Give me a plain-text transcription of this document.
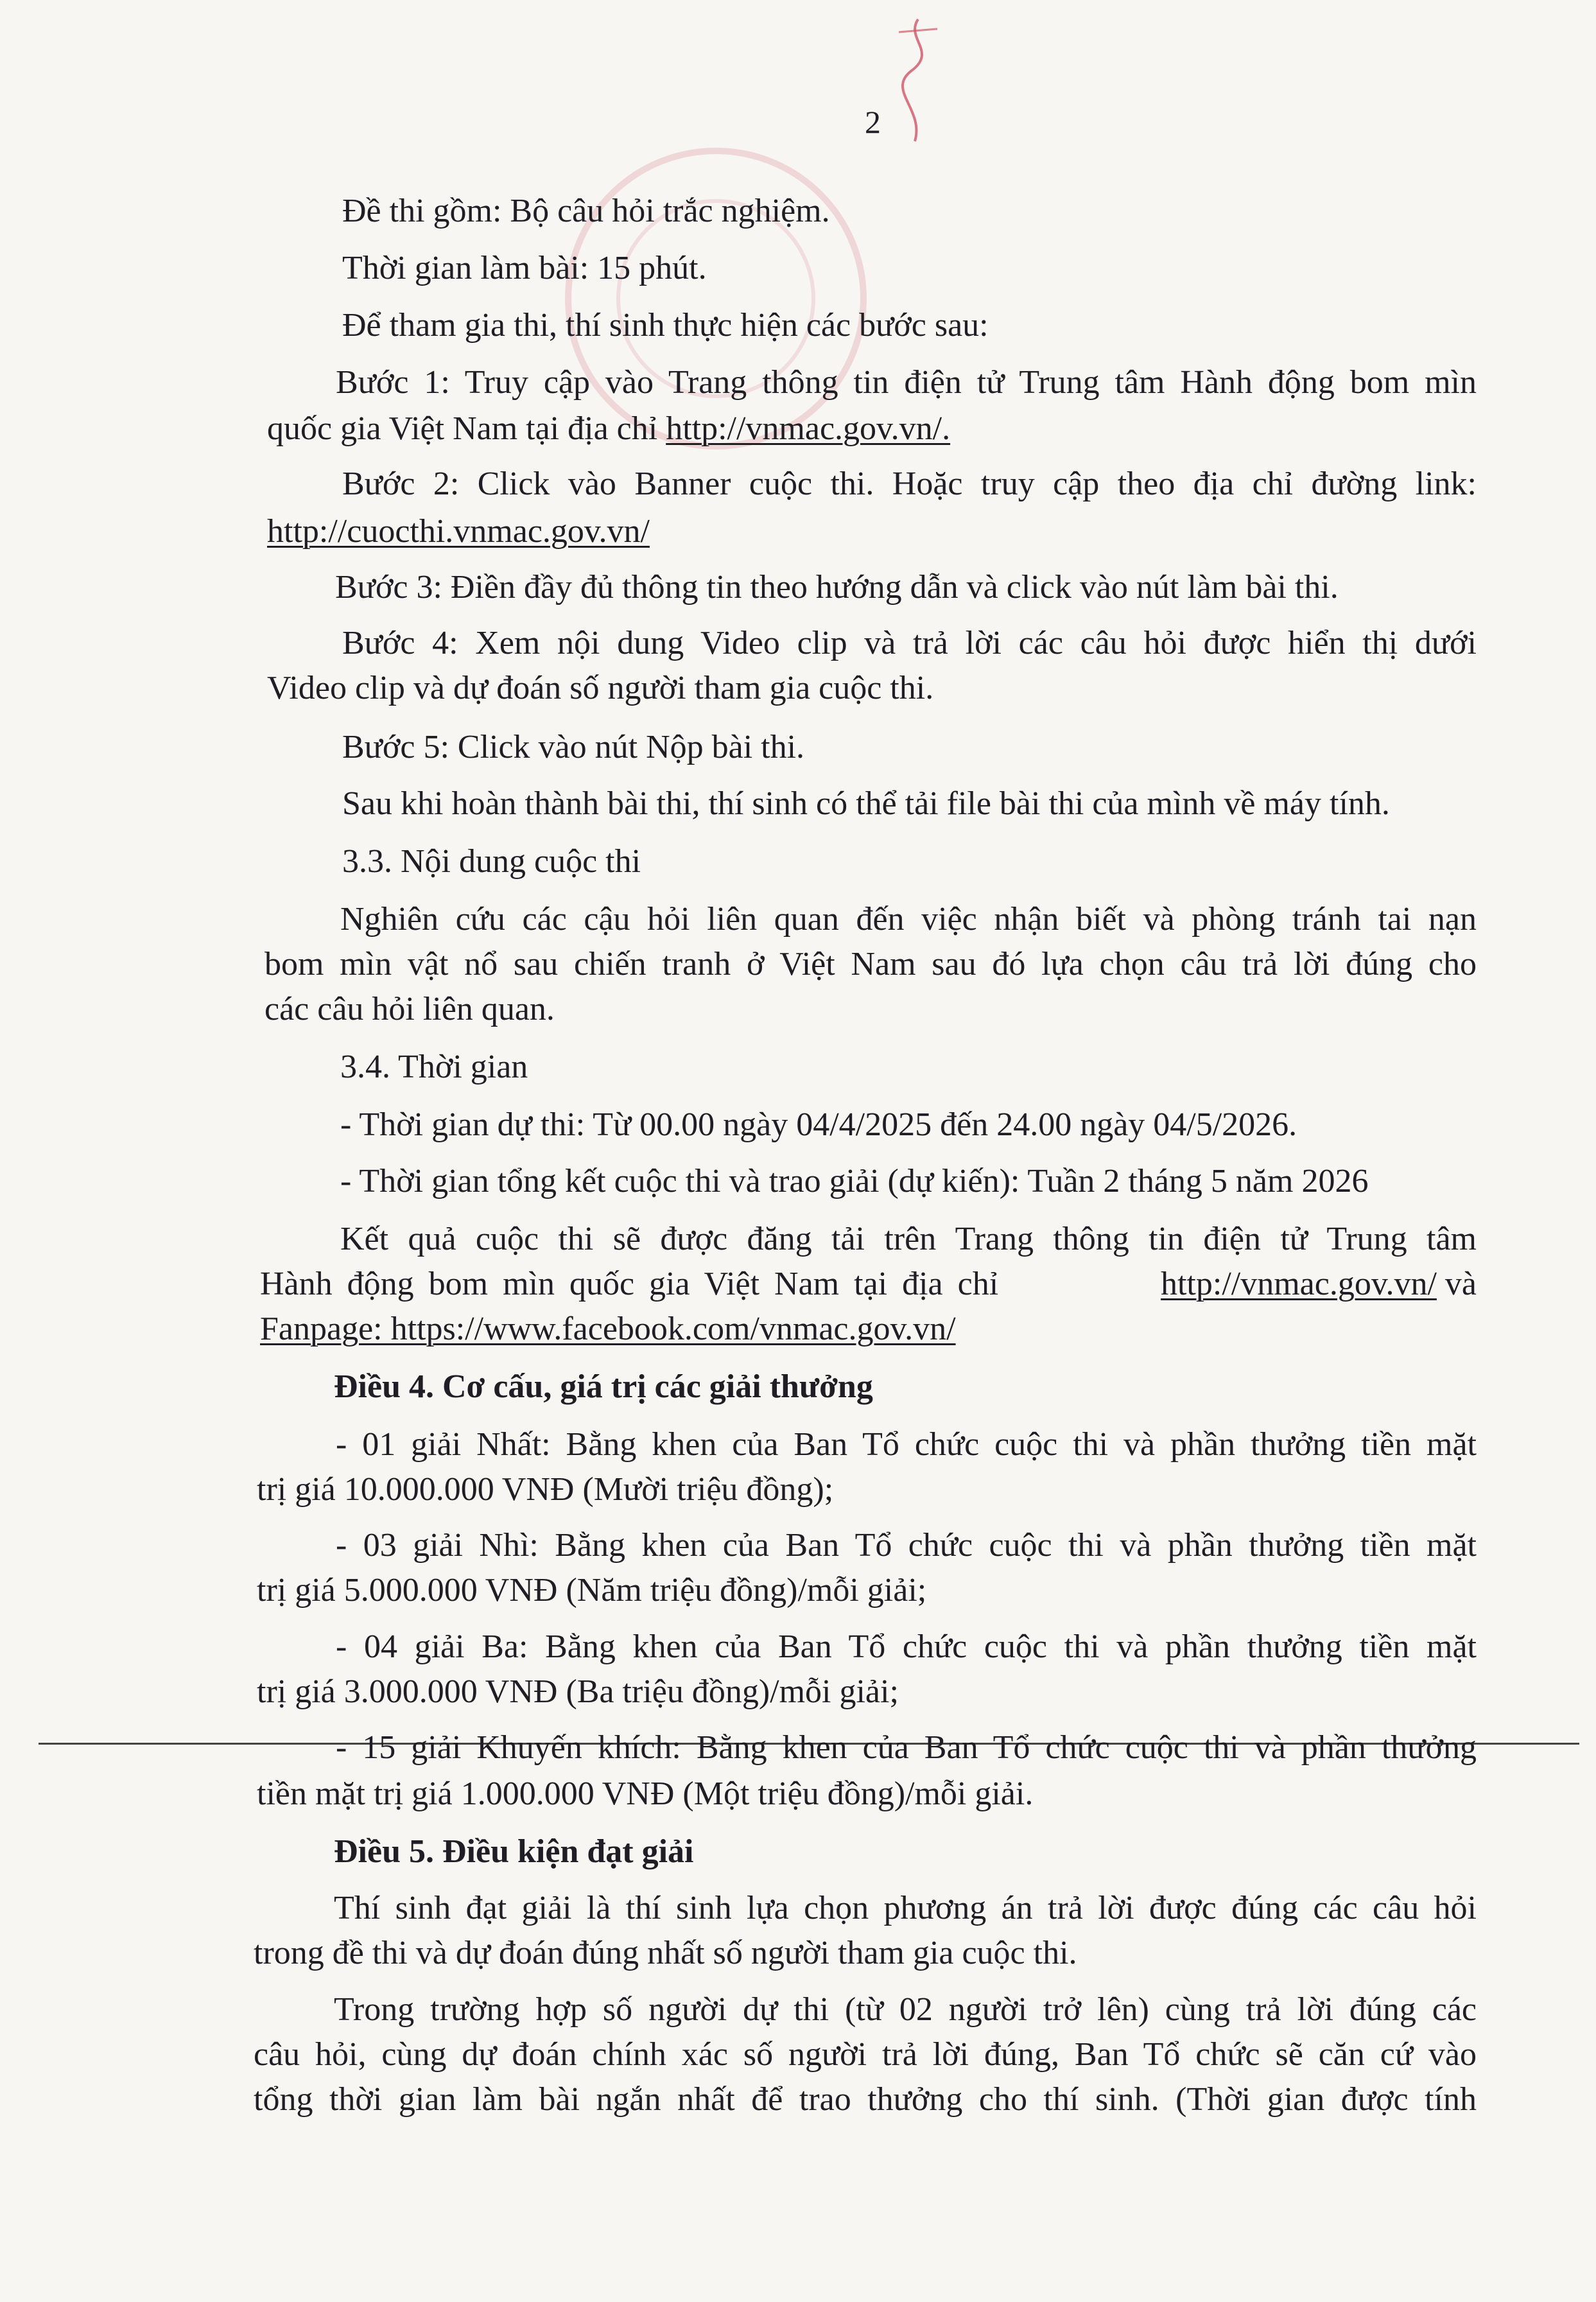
2
Đề thi gồm: Bộ câu hỏi trắc nghiệm.
Thời gian làm bài: 15 phút.
Để tham gia thi, thí sinh thực hiện các bước sau:
Bước 1: Truy cập vào Trang thông tin điện tử Trung tâm Hành động bom mìn
quốc gia Việt Nam tại địa chỉ http://vnmac.gov.vn/.
Bước 2: Click vào Banner cuộc thi. Hoặc truy cập theo địa chỉ đường link:
http://cuocthi.vnmac.gov.vn/
Bước 3: Điền đầy đủ thông tin theo hướng dẫn và click vào nút làm bài thi.
Bước 4: Xem nội dung Video clip và trả lời các câu hỏi được hiển thị dưới
Video clip và dự đoán số người tham gia cuộc thi.
Bước 5: Click vào nút Nộp bài thi.
Sau khi hoàn thành bài thi, thí sinh có thể tải file bài thi của mình về máy tính.
3.3. Nội dung cuộc thi
Nghiên cứu các cậu hỏi liên quan đến việc nhận biết và phòng tránh tai nạn
bom mìn vật nổ sau chiến tranh ở Việt Nam sau đó lựa chọn câu trả lời đúng cho
các câu hỏi liên quan.
3.4. Thời gian
- Thời gian dự thi: Từ 00.00 ngày 04/4/2025 đến 24.00 ngày 04/5/2026.
- Thời gian tổng kết cuộc thi và trao giải (dự kiến): Tuần 2 tháng 5 năm 2026
Kết quả cuộc thi sẽ được đăng tải trên Trang thông tin điện tử Trung tâm
Hành động bom mìn quốc gia Việt Nam tại địa chỉ	http://vnmac.gov.vn/ và
Fanpage: https://www.facebook.com/vnmac.gov.vn/
Điều 4. Cơ cấu, giá trị các giải thưởng
- 01 giải Nhất: Bằng khen của Ban Tổ chức cuộc thi và phần thưởng tiền mặt
trị giá 10.000.000 VNĐ (Mười triệu đồng);
- 03 giải Nhì: Bằng khen của Ban Tổ chức cuộc thi và phần thưởng tiền mặt
trị giá 5.000.000 VNĐ (Năm triệu đồng)/mỗi giải;
- 04 giải Ba: Bằng khen của Ban Tổ chức cuộc thi và phần thưởng tiền mặt
trị giá 3.000.000 VNĐ (Ba triệu đồng)/mỗi giải;
- 15 giải Khuyến khích: Bằng khen của Ban Tổ chức cuộc thi và phần thưởng
tiền mặt trị giá 1.000.000 VNĐ (Một triệu đồng)/mỗi giải.
Điều 5. Điều kiện đạt giải
Thí sinh đạt giải là thí sinh lựa chọn phương án trả lời được đúng các câu hỏi
trong đề thi và dự đoán đúng nhất số người tham gia cuộc thi.
Trong trường hợp số người dự thi (từ 02 người trở lên) cùng trả lời đúng các
câu hỏi, cùng dự đoán chính xác số người trả lời đúng, Ban Tổ chức sẽ căn cứ vào
tổng thời gian làm bài ngắn nhất để trao thưởng cho thí sinh. (Thời gian được tính
